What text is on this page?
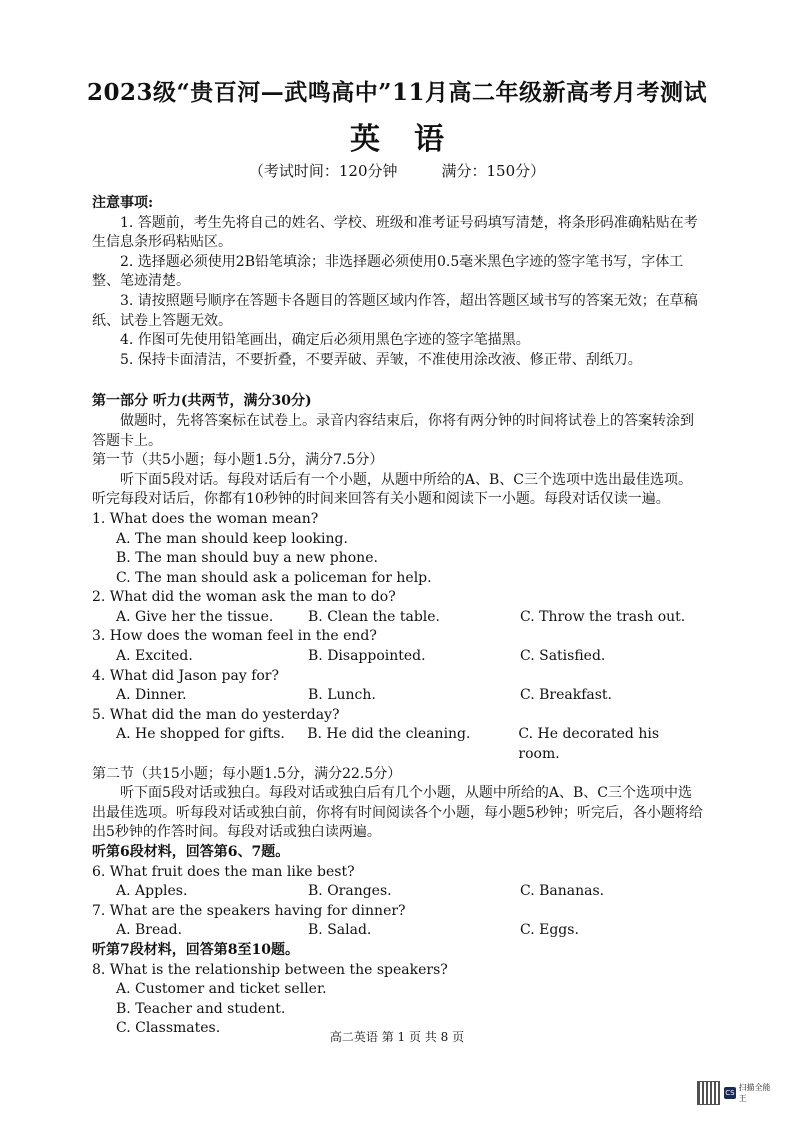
2023级“贵百河—武鸣高中”11月高二年级新高考月考测试
英语
（考试时间：120分钟	满分：150分）
注意事项:

1. 答题前，考生先将自己的姓名、学校、班级和准考证号码填写清楚，将条形码准确粘贴在考生信息条形码粘贴区。

2. 选择题必须使用2B铅笔填涂；非选择题必须使用0.5毫米黑色字迹的签字笔书写，字体工整、笔迹清楚。

3. 请按照题号顺序在答题卡各题目的答题区域内作答，超出答题区域书写的答案无效；在草稿纸、试卷上答题无效。

4. 作图可先使用铅笔画出，确定后必须用黑色字迹的签字笔描黑。

5. 保持卡面清洁，不要折叠，不要弄破、弄皱，不准使用涂改液、修正带、刮纸刀。

第一部分 听力(共两节，满分30分)
做题时，先将答案标在试卷上。录音内容结束后，你将有两分钟的时间将试卷上的答案转涂到答题卡上。
第一节（共5小题；每小题1.5分，满分7.5分）
听下面5段对话。每段对话后有一个小题，从题中所给的A、B、C三个选项中选出最佳选项。听完每段对话后，你都有10秒钟的时间来回答有关小题和阅读下一小题。每段对话仅读一遍。
1. What does the woman mean?
A. The man should keep looking.
B. The man should buy a new phone.
C. The man should ask a policeman for help.
2. What did the woman ask the man to do?
A. Give her the tissue.	B. Clean the table.	C. Throw the trash out.
3. How does the woman feel in the end?
A. Excited.	B. Disappointed.	C. Satisfied.
4. What did Jason pay for?
A. Dinner.	B. Lunch.	C. Breakfast.
5. What did the man do yesterday?
A. He shopped for gifts.	B. He did the cleaning.	C. He decorated his room.
第二节（共15小题；每小题1.5分，满分22.5分）
听下面5段对话或独白。每段对话或独白后有几个小题，从题中所给的A、B、C三个选项中选出最佳选项。听每段对话或独白前，你将有时间阅读各个小题，每小题5秒钟；听完后，各小题将给出5秒钟的作答时间。每段对话或独白读两遍。
听第6段材料，回答第6、7题。
6. What fruit does the man like best?
A. Apples.	B. Oranges.	C. Bananas.
7. What are the speakers having for dinner?
A. Bread.	B. Salad.	C. Eggs.
听第7段材料，回答第8至10题。
8. What is the relationship between the speakers?
A. Customer and ticket seller.
B. Teacher and student.
C. Classmates.
高二英语 第 1 页 共 8 页
CS
扫描全能王
